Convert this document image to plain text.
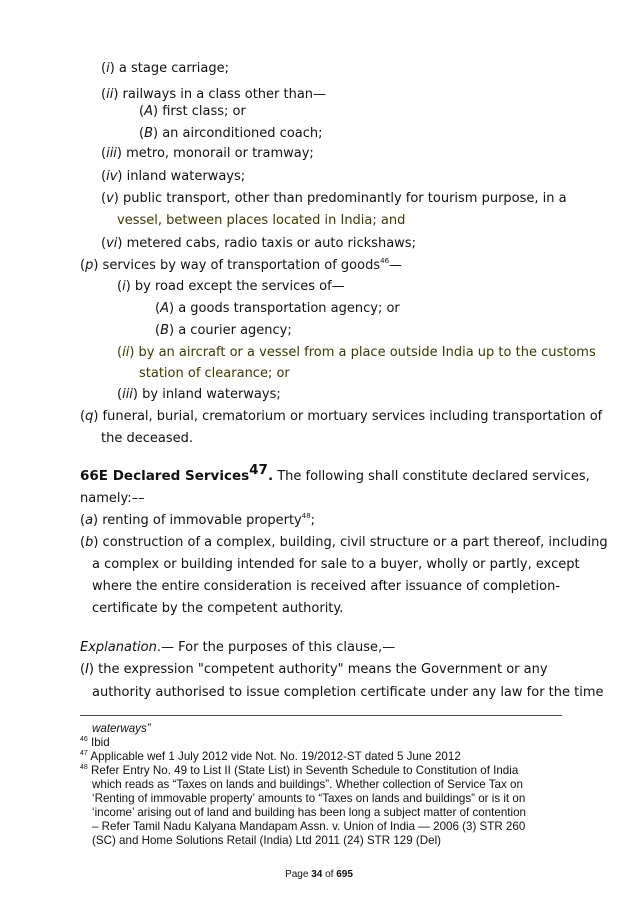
(i) a stage carriage;
(ii) railways in a class other than—
(A) first class; or
(B) an airconditioned coach;
(iii) metro, monorail or tramway;
(iv) inland waterways;
(v) public transport, other than predominantly for tourism purpose, in a
vessel, between places located in India; and
(vi) metered cabs, radio taxis or auto rickshaws;
(p) services by way of transportation of goods$^{46}$—
(i) by road except the services of—
(A) a goods transportation agency; or
(B) a courier agency;
(ii) by an aircraft or a vessel from a place outside India up to the customs
station of clearance; or
(iii) by inland waterways;
(q) funeral, burial, crematorium or mortuary services including transportation of
the deceased.
66E Declared Services$^{47}$. The following shall constitute declared services,
namely:––
(a) renting of immovable property$^{48}$;
(b) construction of a complex, building, civil structure or a part thereof, including
a complex or building intended for sale to a buyer, wholly or partly, except
where the entire consideration is received after issuance of completion-
certificate by the competent authority.
Explanation.— For the purposes of this clause,—
(I) the expression "competent authority" means the Government or any
authority authorised to issue completion certificate under any law for the time
waterways”
$^{46}$ Ibid
$^{47}$ Applicable wef 1 July 2012 vide Not. No. 19/2012-ST dated 5 June 2012
$^{48}$ Refer Entry No. 49 to List II (State List) in Seventh Schedule to Constitution of India
which reads as “Taxes on lands and buildings”. Whether collection of Service Tax on
‘Renting of immovable property’ amounts to “Taxes on lands and buildings” or is it on
‘income’ arising out of land and building has been long a subject matter of contention
– Refer Tamil Nadu Kalyana Mandapam Assn. v. Union of India — 2006 (3) STR 260
(SC) and Home Solutions Retail (India) Ltd 2011 (24) STR 129 (Del)
Page 34 of 695
